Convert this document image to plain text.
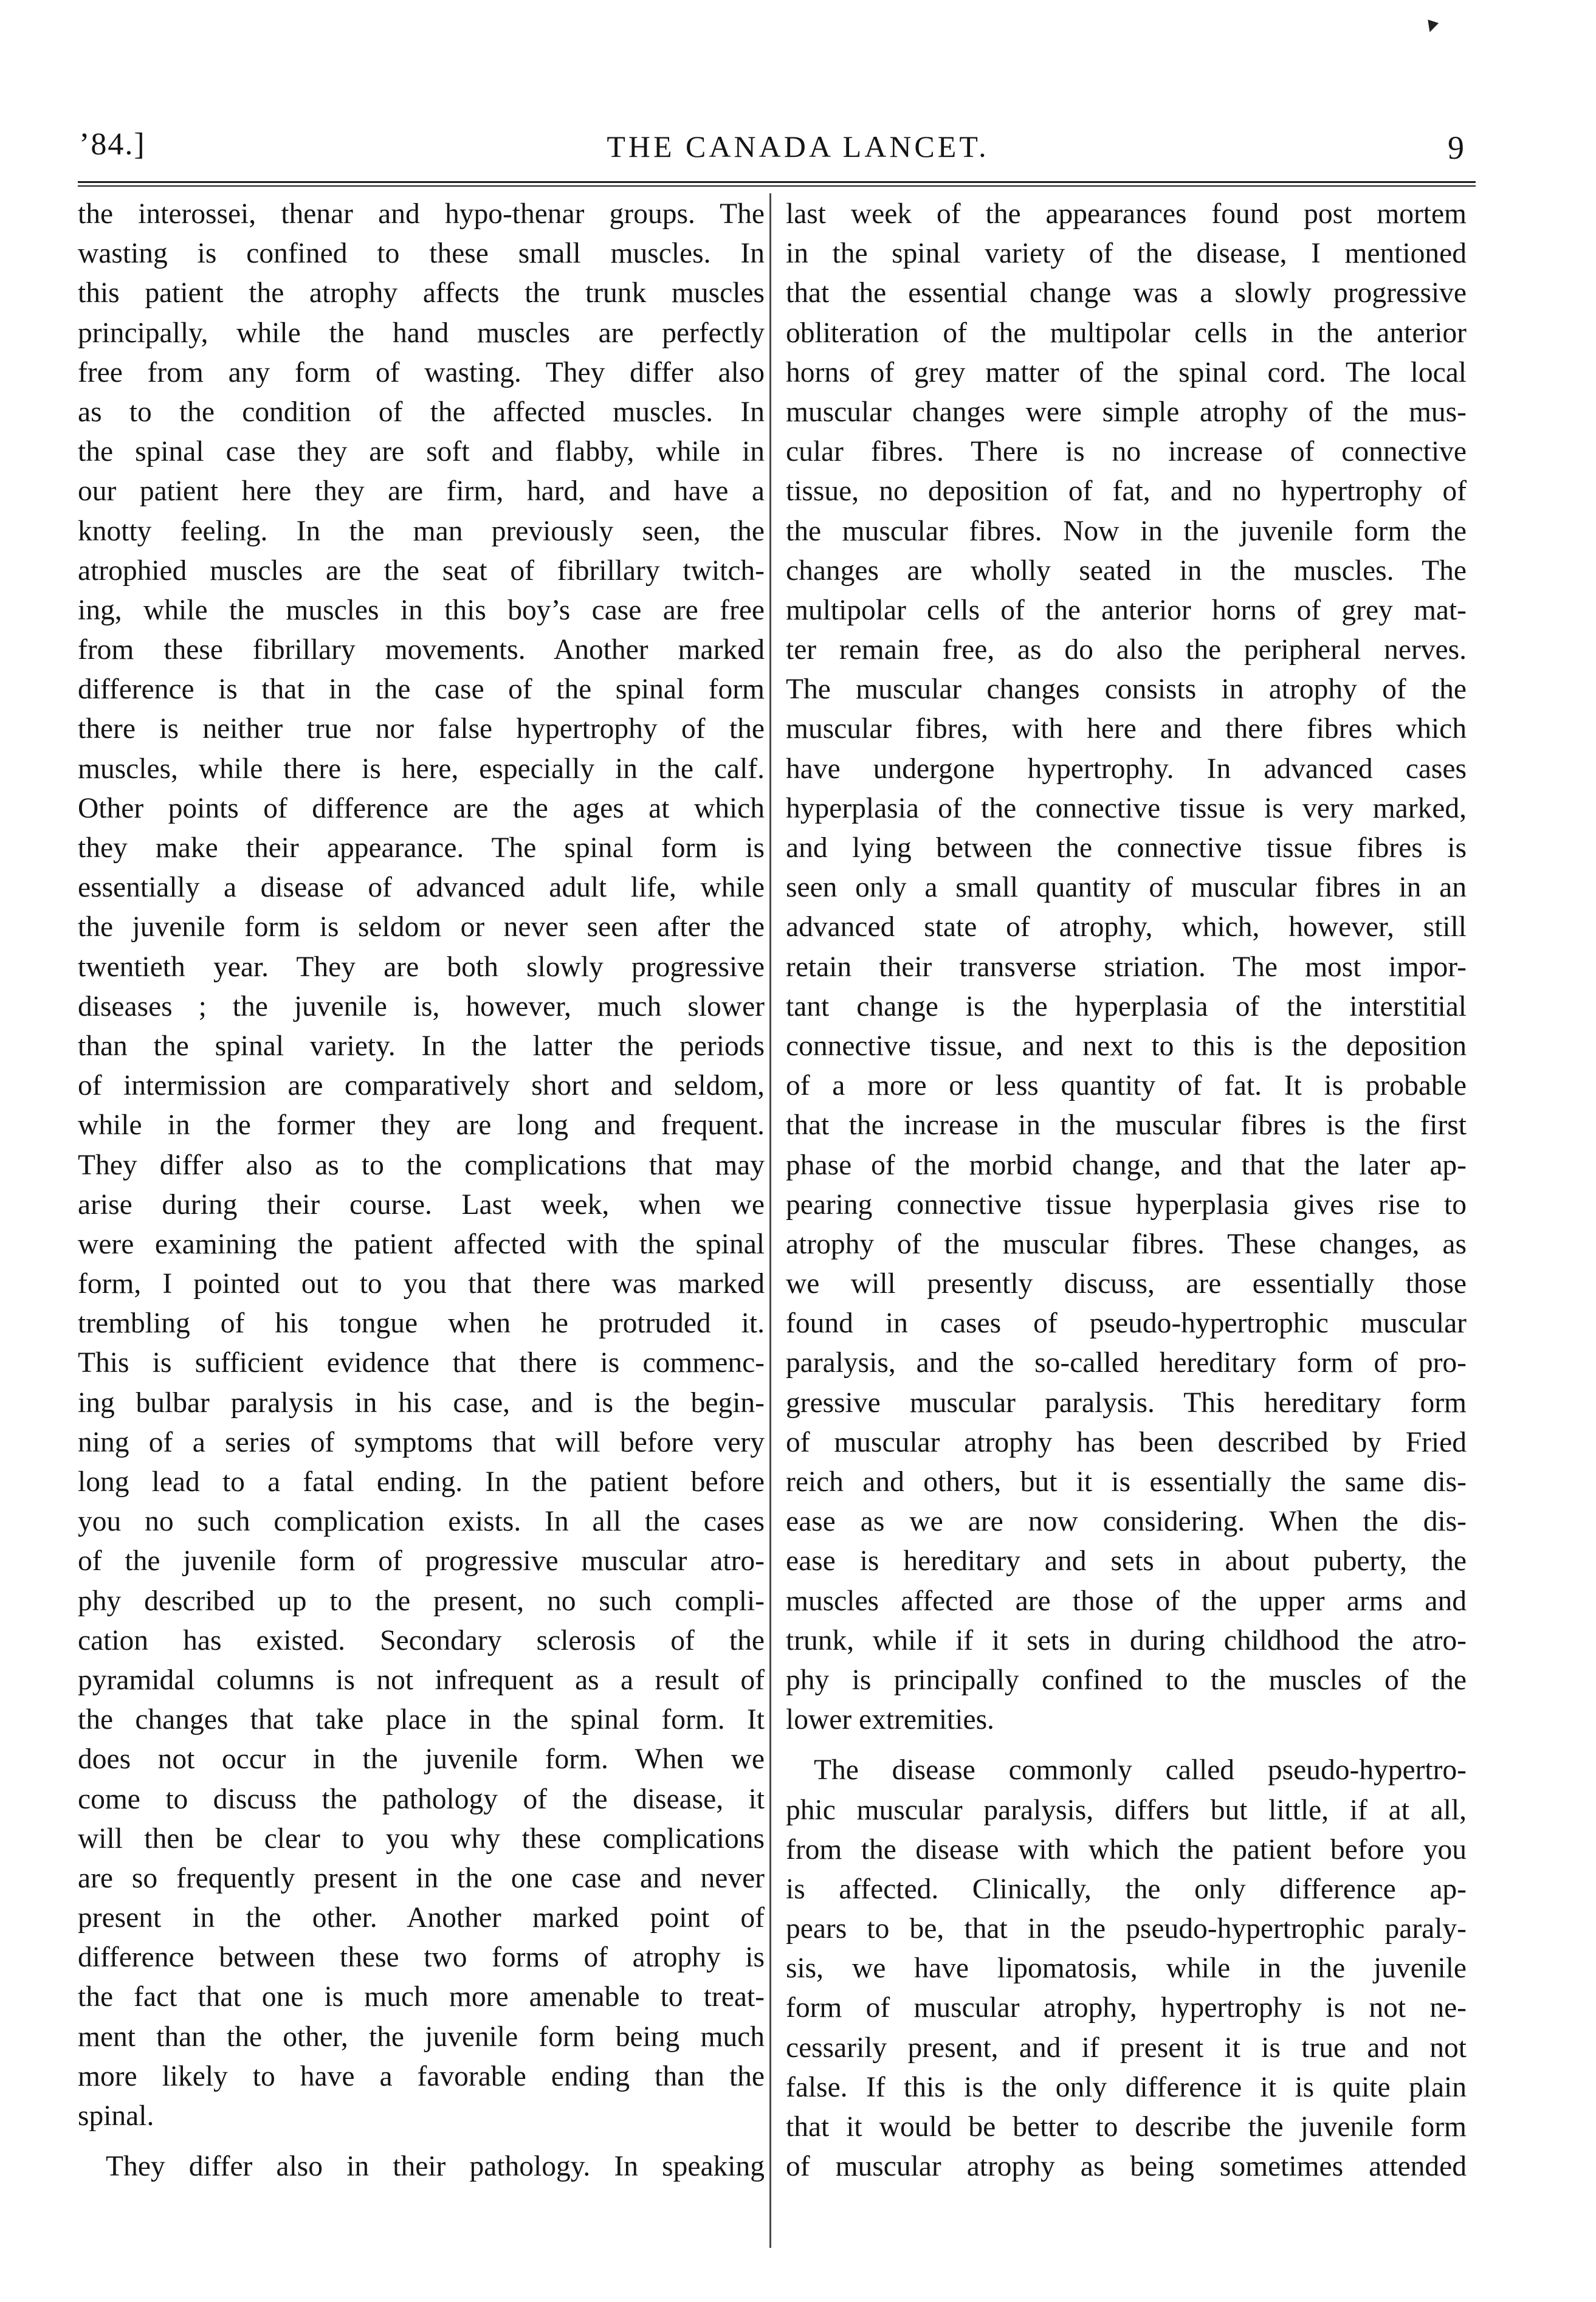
▼
’84.]	THE CANADA LANCET.	9
the interossei, thenar and hypo-thenar groups. The
wasting is confined to these small muscles. In
this patient the atrophy affects the trunk muscles
principally, while the hand muscles are perfectly
free from any form of wasting. They differ also
as to the condition of the affected muscles. In
the spinal case they are soft and flabby, while in
our patient here they are firm, hard, and have a
knotty feeling. In the man previously seen, the
atrophied muscles are the seat of fibrillary twitch-
ing, while the muscles in this boy’s case are free
from these fibrillary movements. Another marked
difference is that in the case of the spinal form
there is neither true nor false hypertrophy of the
muscles, while there is here, especially in the calf.
Other points of difference are the ages at which
they make their appearance. The spinal form is
essentially a disease of advanced adult life, while
the juvenile form is seldom or never seen after the
twentieth year. They are both slowly progressive
diseases ; the juvenile is, however, much slower
than the spinal variety. In the latter the periods
of intermission are comparatively short and seldom,
while in the former they are long and frequent.
They differ also as to the complications that may
arise during their course. Last week, when we
were examining the patient affected with the spinal
form, I pointed out to you that there was marked
trembling of his tongue when he protruded it.
This is sufficient evidence that there is commenc-
ing bulbar paralysis in his case, and is the begin-
ning of a series of symptoms that will before very
long lead to a fatal ending. In the patient before
you no such complication exists. In all the cases
of the juvenile form of progressive muscular atro-
phy described up to the present, no such compli-
cation has existed. Secondary sclerosis of the
pyramidal columns is not infrequent as a result of
the changes that take place in the spinal form. It
does not occur in the juvenile form. When we
come to discuss the pathology of the disease, it
will then be clear to you why these complications
are so frequently present in the one case and never
present in the other. Another marked point of
difference between these two forms of atrophy is
the fact that one is much more amenable to treat-
ment than the other, the juvenile form being much
more likely to have a favorable ending than the
spinal.
They differ also in their pathology. In speaking
last week of the appearances found post mortem
in the spinal variety of the disease, I mentioned
that the essential change was a slowly progressive
obliteration of the multipolar cells in the anterior
horns of grey matter of the spinal cord. The local
muscular changes were simple atrophy of the mus-
cular fibres. There is no increase of connective
tissue, no deposition of fat, and no hypertrophy of
the muscular fibres. Now in the juvenile form the
changes are wholly seated in the muscles. The
multipolar cells of the anterior horns of grey mat-
ter remain free, as do also the peripheral nerves.
The muscular changes consists in atrophy of the
muscular fibres, with here and there fibres which
have undergone hypertrophy. In advanced cases
hyperplasia of the connective tissue is very marked,
and lying between the connective tissue fibres is
seen only a small quantity of muscular fibres in an
advanced state of atrophy, which, however, still
retain their transverse striation. The most impor-
tant change is the hyperplasia of the interstitial
connective tissue, and next to this is the deposition
of a more or less quantity of fat. It is probable
that the increase in the muscular fibres is the first
phase of the morbid change, and that the later ap-
pearing connective tissue hyperplasia gives rise to
atrophy of the muscular fibres. These changes, as
we will presently discuss, are essentially those
found in cases of pseudo-hypertrophic muscular
paralysis, and the so-called hereditary form of pro-
gressive muscular paralysis. This hereditary form
of muscular atrophy has been described by Fried
reich and others, but it is essentially the same dis-
ease as we are now considering. When the dis-
ease is hereditary and sets in about puberty, the
muscles affected are those of the upper arms and
trunk, while if it sets in during childhood the atro-
phy is principally confined to the muscles of the
lower extremities.
The disease commonly called pseudo-hypertro-
phic muscular paralysis, differs but little, if at all,
from the disease with which the patient before you
is affected. Clinically, the only difference ap-
pears to be, that in the pseudo-hypertrophic paraly-
sis, we have lipomatosis, while in the juvenile
form of muscular atrophy, hypertrophy is not ne-
cessarily present, and if present it is true and not
false. If this is the only difference it is quite plain
that it would be better to describe the juvenile form
of muscular atrophy as being sometimes attended
